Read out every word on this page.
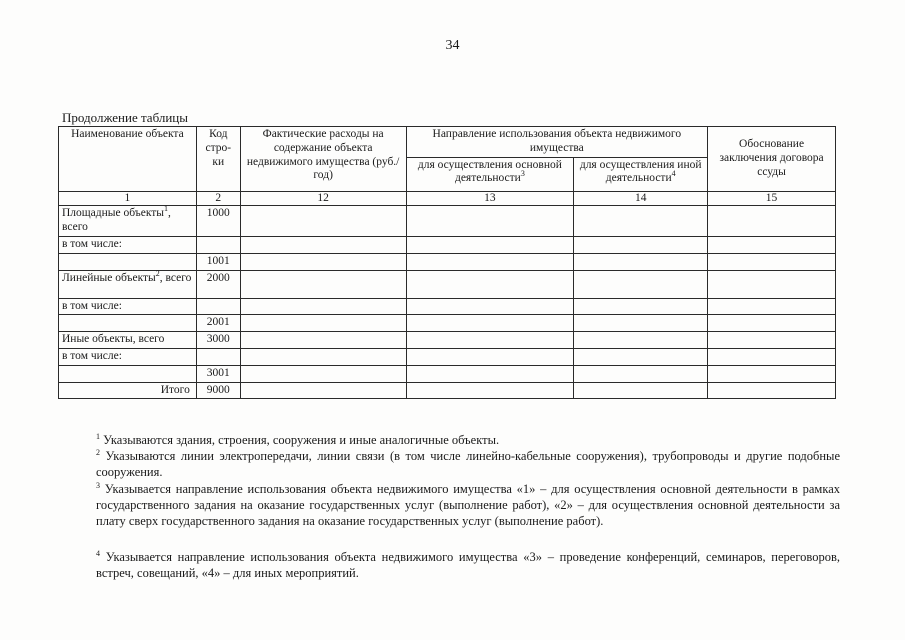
34
Продолжение таблицы
Наименование объекта	Код стро-ки	Фактические расходы на содержание объекта недвижимого имущества (руб./год)	Направление использования объекта недвижимого имущества		Обоснование заключения договора ссуды
			для осуществления основной деятельности$^3$	для осуществления иной деятельности$^4$
1	2	12	13	14	15
Площадные объекты$^1$, всего	1000				
в том числе:					
	1001				
Линейные объекты$^2$, всего	2000				
в том числе:					
	2001				
Иные объекты, всего	3000				
в том числе:					
	3001				
Итого	9000				
$^1$ Указываются здания, строения, сооружения и иные аналогичные объекты.
$^2$ Указываются линии электропередачи, линии связи (в том числе линейно-кабельные сооружения), трубопроводы и другие подобные сооружения.
$^3$ Указывается направление использования объекта недвижимого имущества «1» – для осуществления основной деятельности в рамках государственного задания на оказание государственных услуг (выполнение работ), «2» – для осуществления основной деятельности за плату сверх государственного задания на оказание государственных услуг (выполнение работ).
$^4$ Указывается направление использования объекта недвижимого имущества «3» – проведение конференций, семинаров, переговоров, встреч, совещаний, «4» – для иных мероприятий.
